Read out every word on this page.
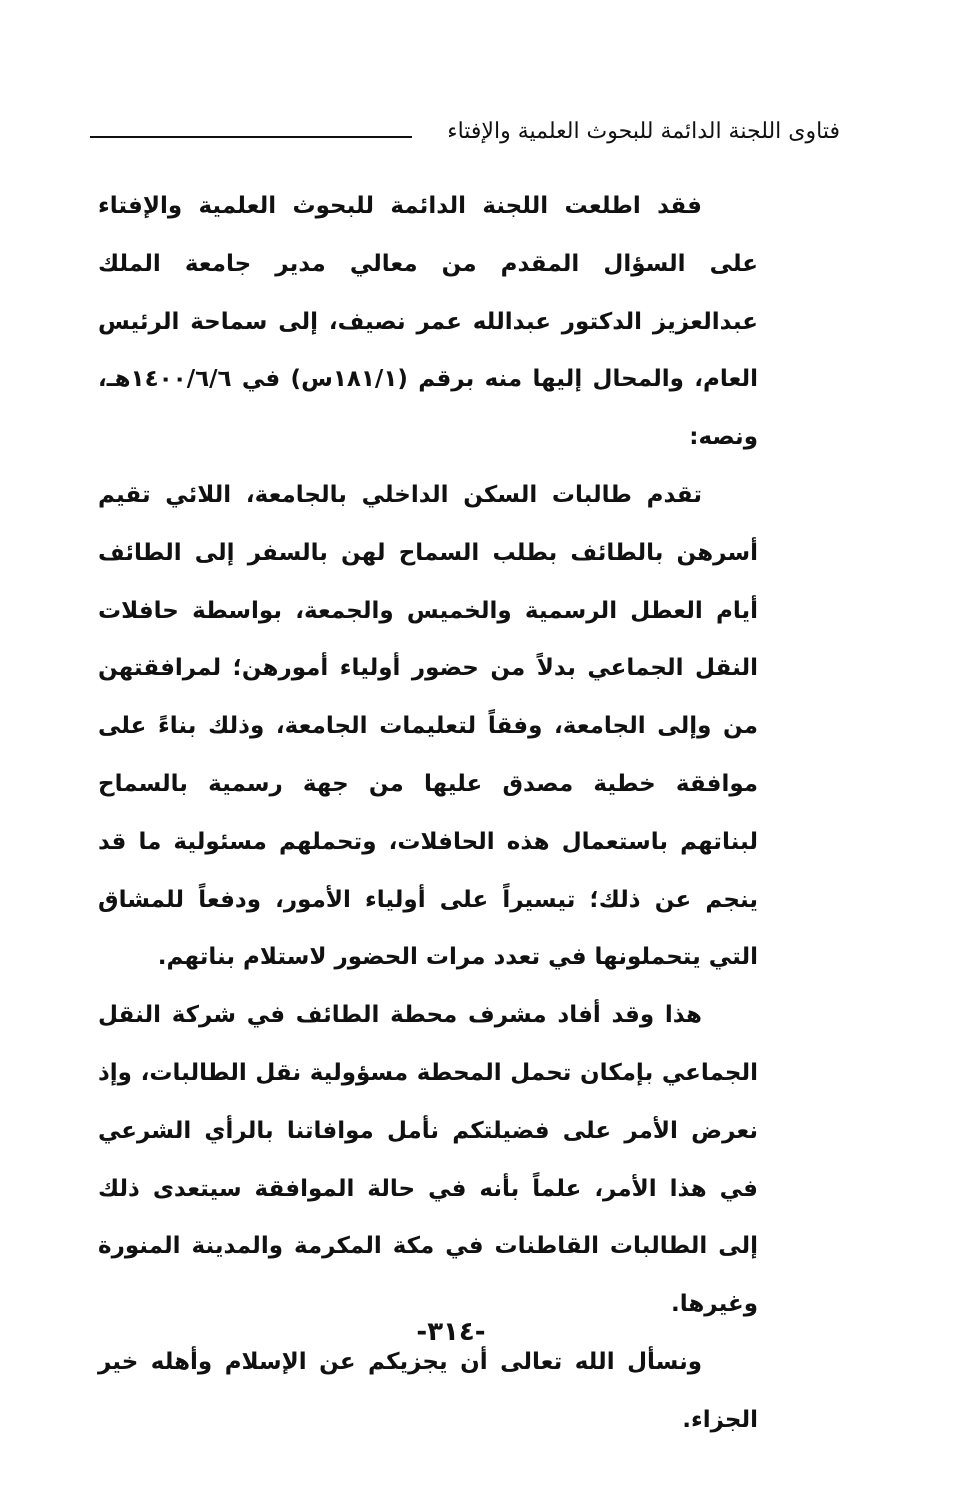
فتاوى اللجنة الدائمة للبحوث العلمية والإفتاء

فقد اطلعت اللجنة الدائمة للبحوث العلمية والإفتاء على السؤال المقدم من معالي مدير جامعة الملك عبدالعزيز الدكتور عبدالله عمر نصيف، إلى سماحة الرئيس العام، والمحال إليها منه برقم (١٨١/١س) في ١٤٠٠/٦/٦هـ، ونصه:

تقدم طالبات السكن الداخلي بالجامعة، اللائي تقيم أسرهن بالطائف بطلب السماح لهن بالسفر إلى الطائف أيام العطل الرسمية والخميس والجمعة، بواسطة حافلات النقل الجماعي بدلاً من حضور أولياء أمورهن؛ لمرافقتهن من وإلى الجامعة، وفقاً لتعليمات الجامعة، وذلك بناءً على موافقة خطية مصدق عليها من جهة رسمية بالسماح لبناتهم باستعمال هذه الحافلات، وتحملهم مسئولية ما قد ينجم عن ذلك؛ تيسيراً على أولياء الأمور، ودفعاً للمشاق التي يتحملونها في تعدد مرات الحضور لاستلام بناتهم.

هذا وقد أفاد مشرف محطة الطائف في شركة النقل الجماعي بإمكان تحمل المحطة مسؤولية نقل الطالبات، وإذ نعرض الأمر على فضيلتكم نأمل موافاتنا بالرأي الشرعي في هذا الأمر، علماً بأنه في حالة الموافقة سيتعدى ذلك إلى الطالبات القاطنات في مكة المكرمة والمدينة المنورة وغيرها.

ونسأل الله تعالى أن يجزيكم عن الإسلام وأهله خير الجزاء.

-٣١٤-
